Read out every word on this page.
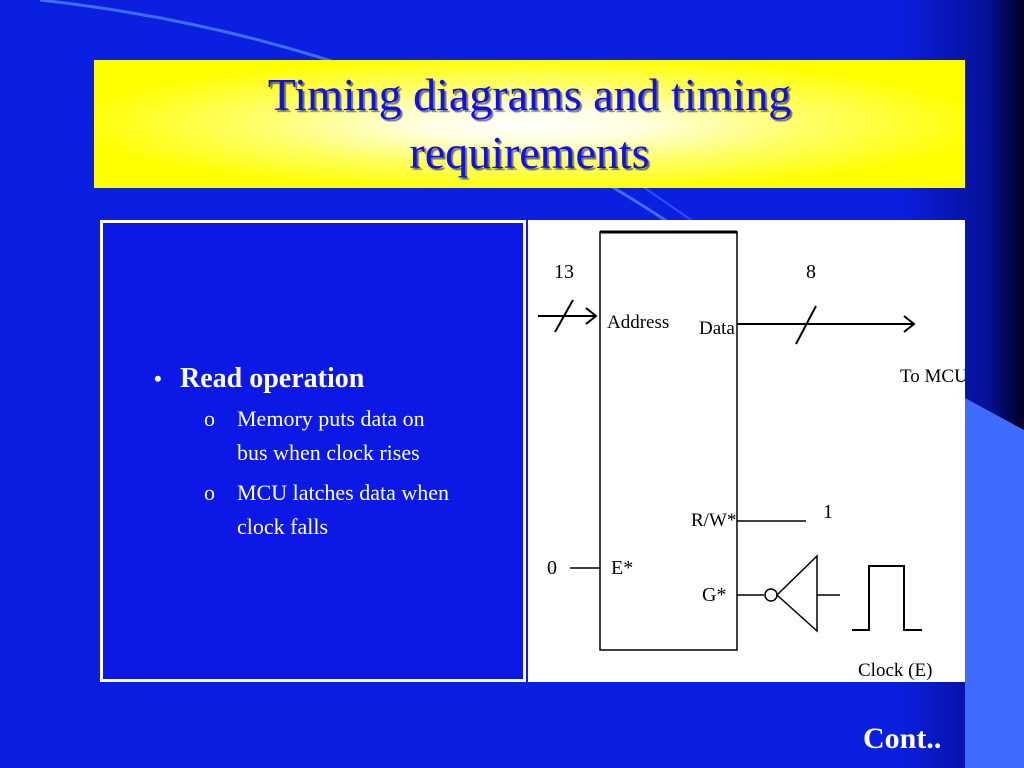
Timing diagrams and timing
requirements
• Read operation
o	Memory puts data on
bus when clock rises
o	MCU latches data when
clock falls
13
Address Data
8
To MCU
R/W*	1
0	E*
G*
Clock (E)
Cont..
